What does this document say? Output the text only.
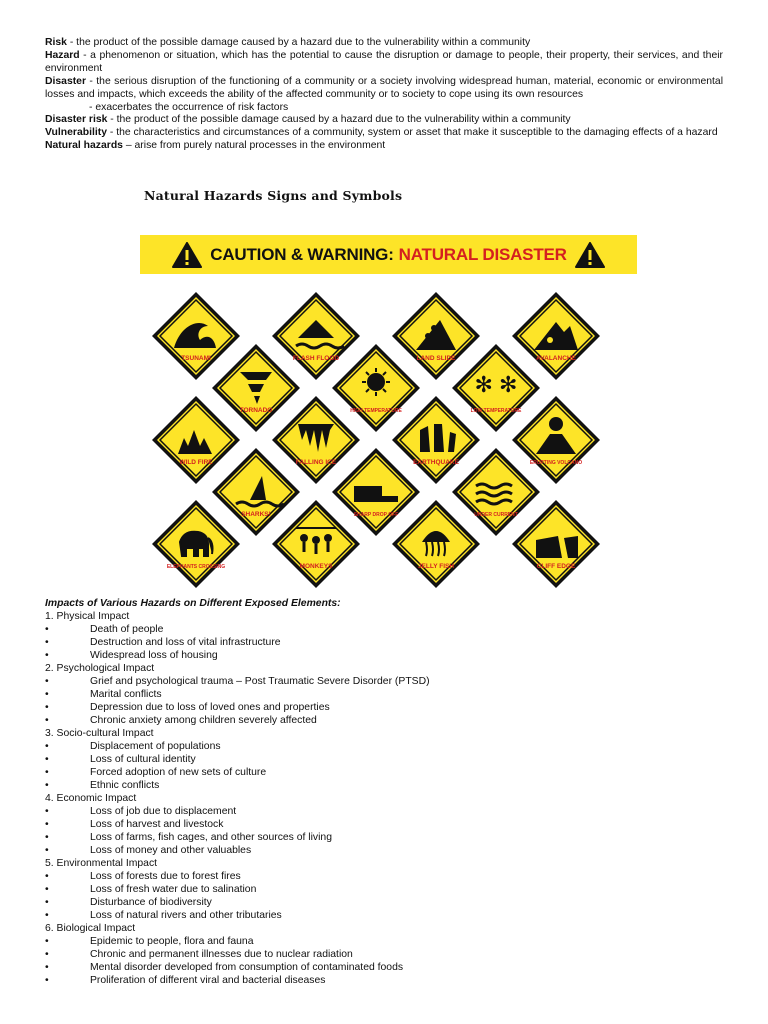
Risk - the product of the possible damage caused by a hazard due to the vulnerability within a community

Hazard - a phenomenon or situation, which has the potential to cause the disruption or damage to people, their property, their services, and their environment

Disaster - the serious disruption of the functioning of a community or a society involving widespread human, material, economic or environmental losses and impacts, which exceeds the ability of the affected community or to society to cope using its own resources

- exacerbates the occurrence of risk factors

Disaster risk - the product of the possible damage caused by a hazard due to the vulnerability within a community

Vulnerability - the characteristics and circumstances of a community, system or asset that make it susceptible to the damaging effects of a hazard

Natural hazards – arise from purely natural processes in the environment

Natural Hazards Signs and Symbols
CAUTION & WARNING: NATURAL DISASTER
TSUNAMI	FLASH FLOOD	LAND SLIDE	AVALANCHE
TORNADO	HIGH TEMPERATURE
✻ ✻
LOW TEMPERATURE
WILD FIRE	FALLING ICE	EARTHQUAKE	ERUPTING VOLCANO
SHARKS!	SHARP DROP OFF	UNDER CURRENT
ELEPHANTS CROSSING	MONKEYS	JELLY FISH	CLIFF EDGE

Impacts of Various Hazards on Different Exposed Elements:

1. Physical Impact

•	Death of people
•	Destruction and loss of vital infrastructure
•	Widespread loss of housing

2. Psychological Impact

•	Grief and psychological trauma – Post Traumatic Severe Disorder (PTSD)
•	Marital conflicts
•	Depression due to loss of loved ones and properties
•	Chronic anxiety among children severely affected

3. Socio-cultural Impact

•	Displacement of populations
•	Loss of cultural identity
•	Forced adoption of new sets of culture
•	Ethnic conflicts

4. Economic Impact

•	Loss of job due to displacement
•	Loss of harvest and livestock
•	Loss of farms, fish cages, and other sources of living
•	Loss of money and other valuables

5. Environmental Impact

•	Loss of forests due to forest fires
•	Loss of fresh water due to salination
•	Disturbance of biodiversity
•	Loss of natural rivers and other tributaries

6. Biological Impact

•	Epidemic to people, flora and fauna
•	Chronic and permanent illnesses due to nuclear radiation
•	Mental disorder developed from consumption of contaminated foods
•	Proliferation of different viral and bacterial diseases
